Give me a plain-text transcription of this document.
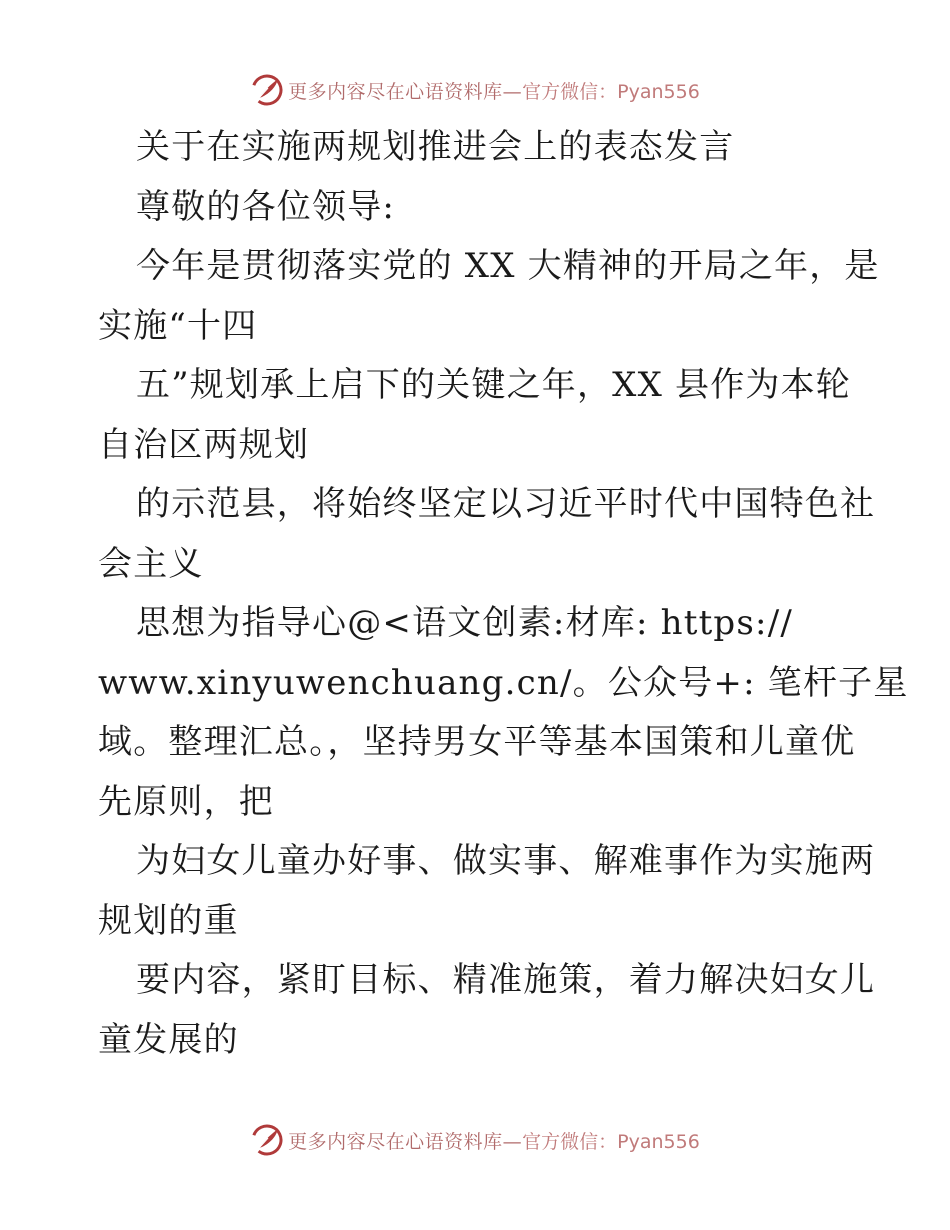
更多内容尽在心语资料库— 官方微信：Pyan556
关于在实施两规划推进会上的表态发言
尊敬的各位领导:
今年是贯彻落实党的 XX 大精神的开局之年，是
实施“十四
五”规划承上启下的关键之年，XX 县作为本轮
自治区两规划
的示范县，将始终坚定以习近平时代中国特色社
会主义
思想为指导心@<语文创素:材库: https://
www.xinyuwenchuang.cn/。公众号+: 笔杆子星
域。整理汇总。，坚持男女平等基本国策和儿童优
先原则，把
为妇女儿童办好事、做实事、解难事作为实施两
规划的重
要内容，紧盯目标、精准施策，着力解决妇女儿
童发展的
更多内容尽在心语资料库— 官方微信：Pyan556
